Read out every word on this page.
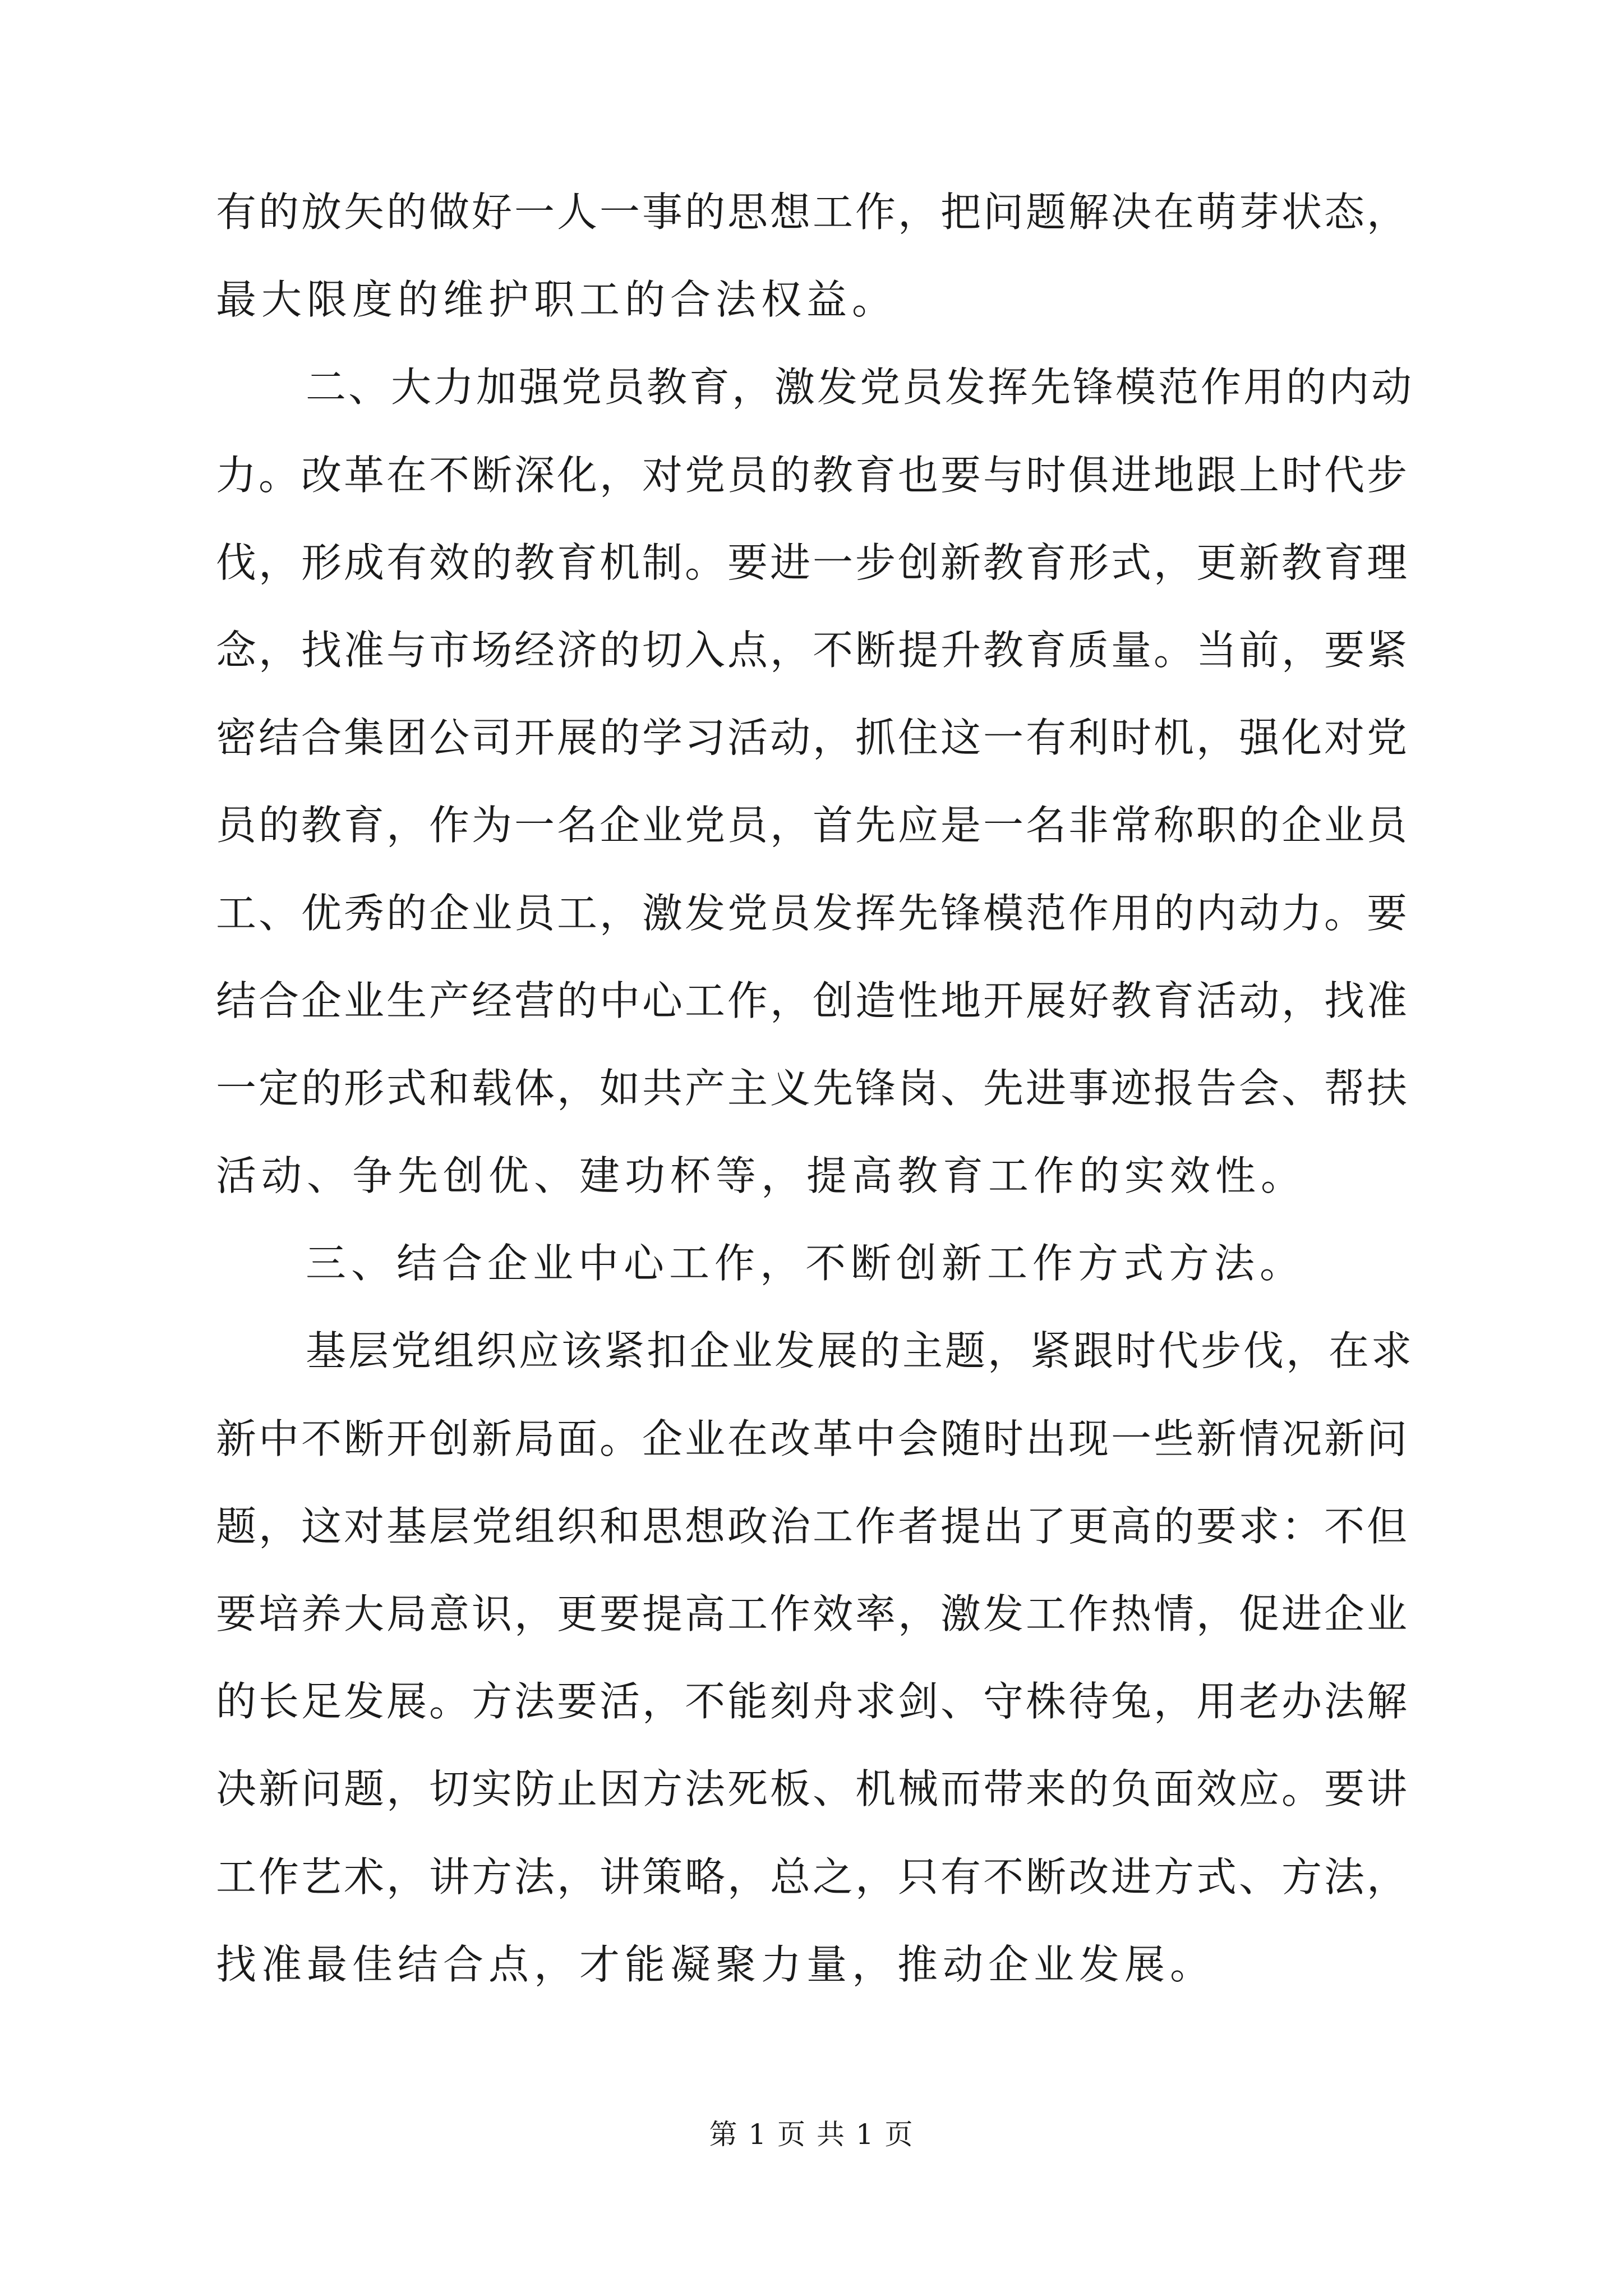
有的放矢的做好一人一事的思想工作，把问题解决在萌芽状态，
最大限度的维护职工的合法权益。
二、大力加强党员教育，激发党员发挥先锋模范作用的内动
力。改革在不断深化，对党员的教育也要与时俱进地跟上时代步
伐，形成有效的教育机制。要进一步创新教育形式，更新教育理
念，找准与市场经济的切入点，不断提升教育质量。当前，要紧
密结合集团公司开展的学习活动，抓住这一有利时机，强化对党
员的教育，作为一名企业党员，首先应是一名非常称职的企业员
工、优秀的企业员工，激发党员发挥先锋模范作用的内动力。要
结合企业生产经营的中心工作，创造性地开展好教育活动，找准
一定的形式和载体，如共产主义先锋岗、先进事迹报告会、帮扶
活动、争先创优、建功杯等，提高教育工作的实效性。
三、结合企业中心工作，不断创新工作方式方法。
基层党组织应该紧扣企业发展的主题，紧跟时代步伐，在求
新中不断开创新局面。企业在改革中会随时出现一些新情况新问
题，这对基层党组织和思想政治工作者提出了更高的要求：不但
要培养大局意识，更要提高工作效率，激发工作热情，促进企业
的长足发展。方法要活，不能刻舟求剑、守株待兔，用老办法解
决新问题，切实防止因方法死板、机械而带来的负面效应。要讲
工作艺术，讲方法，讲策略，总之，只有不断改进方式、方法，
找准最佳结合点，才能凝聚力量，推动企业发展。
第 1 页 共 1 页
